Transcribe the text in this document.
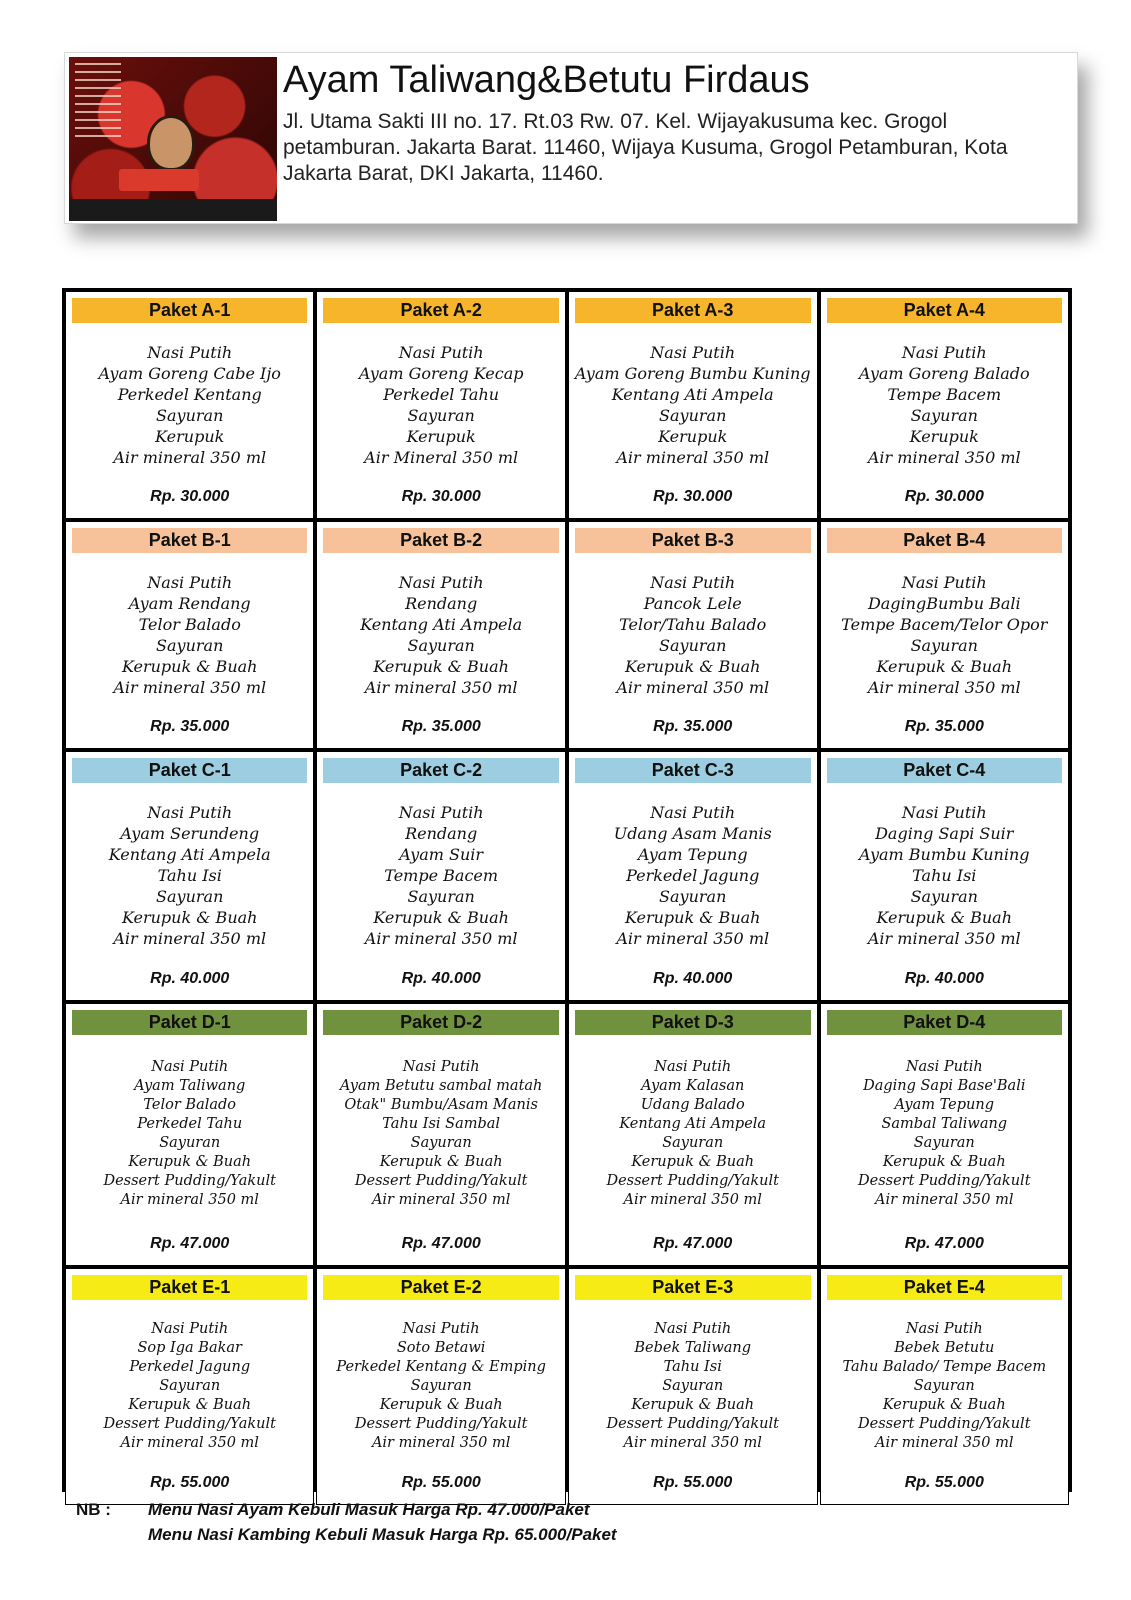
Ayam Taliwang&Betutu Firdaus
Jl. Utama Sakti III no. 17. Rt.03 Rw. 07. Kel. Wijayakusuma kec. Grogol petamburan. Jakarta Barat. 11460, Wijaya Kusuma, Grogol Petamburan, Kota Jakarta Barat, DKI Jakarta, 11460.
Paket A-1
Nasi Putih
Ayam Goreng Cabe Ijo
Perkedel Kentang
Sayuran
Kerupuk
Air mineral 350 ml
Rp. 30.000
Paket A-2
Nasi Putih
Ayam Goreng Kecap
Perkedel Tahu
Sayuran
Kerupuk
Air Mineral 350 ml
Rp. 30.000
Paket A-3
Nasi Putih
Ayam Goreng Bumbu Kuning
Kentang Ati Ampela
Sayuran
Kerupuk
Air mineral 350 ml
Rp. 30.000
Paket A-4
Nasi Putih
Ayam Goreng Balado
Tempe Bacem
Sayuran
Kerupuk
Air mineral 350 ml
Rp. 30.000
Paket B-1
Nasi Putih
Ayam Rendang
Telor Balado
Sayuran
Kerupuk & Buah
Air mineral 350 ml
Rp. 35.000
Paket B-2
Nasi Putih
Rendang
Kentang Ati Ampela
Sayuran
Kerupuk & Buah
Air mineral 350 ml
Rp. 35.000
Paket B-3
Nasi Putih
Pancok Lele
Telor/Tahu Balado
Sayuran
Kerupuk & Buah
Air mineral 350 ml
Rp. 35.000
Paket B-4
Nasi Putih
DagingBumbu Bali
Tempe Bacem/Telor Opor
Sayuran
Kerupuk & Buah
Air mineral 350 ml
Rp. 35.000
Paket C-1
Nasi Putih
Ayam Serundeng
Kentang Ati Ampela
Tahu Isi
Sayuran
Kerupuk & Buah
Air mineral 350 ml
Rp. 40.000
Paket C-2
Nasi Putih
Rendang
Ayam Suir
Tempe Bacem
Sayuran
Kerupuk & Buah
Air mineral 350 ml
Rp. 40.000
Paket C-3
Nasi Putih
Udang Asam Manis
Ayam Tepung
Perkedel Jagung
Sayuran
Kerupuk & Buah
Air mineral 350 ml
Rp. 40.000
Paket C-4
Nasi Putih
Daging Sapi Suir
Ayam Bumbu Kuning
Tahu Isi
Sayuran
Kerupuk & Buah
Air mineral 350 ml
Rp. 40.000
Paket D-1
Nasi Putih
Ayam Taliwang
Telor Balado
Perkedel Tahu
Sayuran
Kerupuk & Buah
Dessert Pudding/Yakult
Air mineral 350 ml
Rp. 47.000
Paket D-2
Nasi Putih
Ayam Betutu sambal matah
Otak" Bumbu/Asam Manis
Tahu Isi Sambal
Sayuran
Kerupuk & Buah
Dessert Pudding/Yakult
Air mineral 350 ml
Rp. 47.000
Paket D-3
Nasi Putih
Ayam Kalasan
Udang Balado
Kentang Ati Ampela
Sayuran
Kerupuk & Buah
Dessert Pudding/Yakult
Air mineral 350 ml
Rp. 47.000
Paket D-4
Nasi Putih
Daging Sapi Base'Bali
Ayam Tepung
Sambal Taliwang
Sayuran
Kerupuk & Buah
Dessert Pudding/Yakult
Air mineral 350 ml
Rp. 47.000
Paket E-1
Nasi Putih
Sop Iga Bakar
Perkedel Jagung
Sayuran
Kerupuk & Buah
Dessert Pudding/Yakult
Air mineral 350 ml
Rp. 55.000
Paket E-2
Nasi Putih
Soto Betawi
Perkedel Kentang & Emping
Sayuran
Kerupuk & Buah
Dessert Pudding/Yakult
Air mineral 350 ml
Rp. 55.000
Paket E-3
Nasi Putih
Bebek Taliwang
Tahu Isi
Sayuran
Kerupuk & Buah
Dessert Pudding/Yakult
Air mineral 350 ml
Rp. 55.000
Paket E-4
Nasi Putih
Bebek Betutu
Tahu Balado/ Tempe Bacem
Sayuran
Kerupuk & Buah
Dessert Pudding/Yakult
Air mineral 350 ml
Rp. 55.000
NB : Menu Nasi Ayam Kebuli Masuk Harga Rp. 47.000/Paket
Menu Nasi Kambing Kebuli Masuk Harga Rp. 65.000/Paket
